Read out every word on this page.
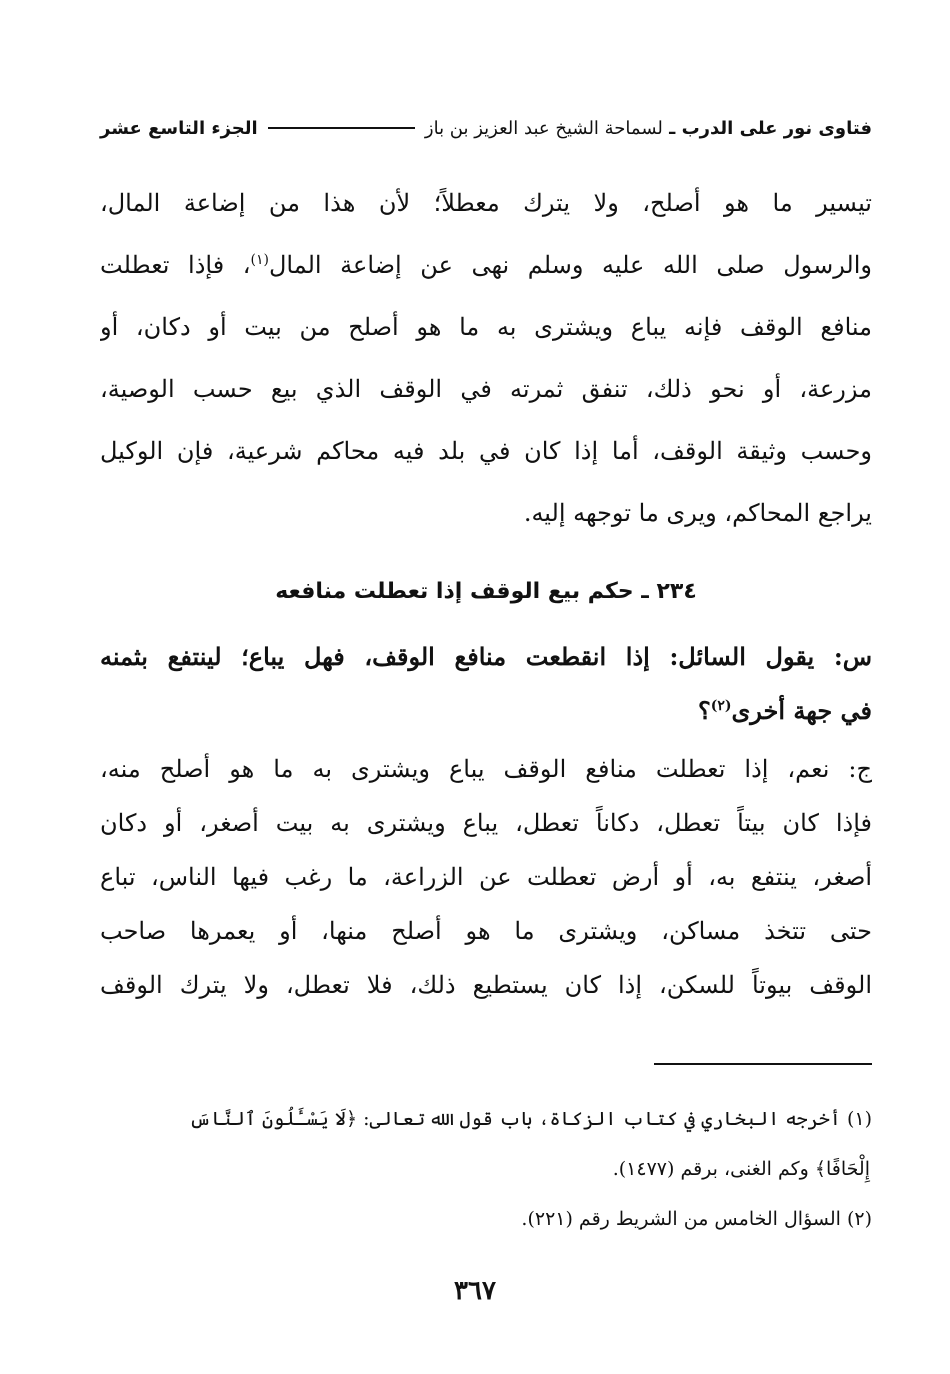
فتاوى نور على الدرب ـ

لسماحة الشيخ عبد العزيز بن باز
الجزء التاسع عشر
تيسير ما هو أصلح، ولا يترك معطلاً؛ لأن هذا من إضاعة المال،
والرسول صلى الله عليه وسلم نهى عن إضاعة المال$^{(١)}$، فإذا تعطلت
منافع الوقف فإنه يباع ويشترى به ما هو أصلح من بيت أو دكان، أو
مزرعة، أو نحو ذلك، تنفق ثمرته في الوقف الذي بيع حسب الوصية،
وحسب وثيقة الوقف، أما إذا كان في بلد فيه محاكم شرعية، فإن الوكيل
يراجع المحاكم، ويرى ما توجهه إليه.
٢٣٤ ـ حكم بيع الوقف إذا تعطلت منافعه
س: يقول السائل: إذا انقطعت منافع الوقف، فهل يباع؛ لينتفع بثمنه
في جهة أخرى$^{(٢)}$؟
ج: نعم، إذا تعطلت منافع الوقف يباع ويشترى به ما هو أصلح منه،
فإذا كان بيتاً تعطل، دكاناً تعطل، يباع ويشترى به بيت أصغر، أو دكان
أصغر، ينتفع به، أو أرض تعطلت عن الزراعة، ما رغب فيها الناس، تباع
حتى تتخذ مساكن، ويشترى ما هو أصلح منها، أو يعمرها صاحب
الوقف بيوتاً للسكن، إذا كان يستطيع ذلك، فلا تعطل، ولا يترك الوقف
(١) أخرجه البخاري في كتاب الزكاة، باب قول الله تعالى: ﴿لَا يَسْـَٔلُونَ ٱلنَّاسَ
إِلْحَافًا﴾ وكم الغنى، برقم (١٤٧٧).
(٢) السؤال الخامس من الشريط رقم (٢٢١).
٣٦٧
